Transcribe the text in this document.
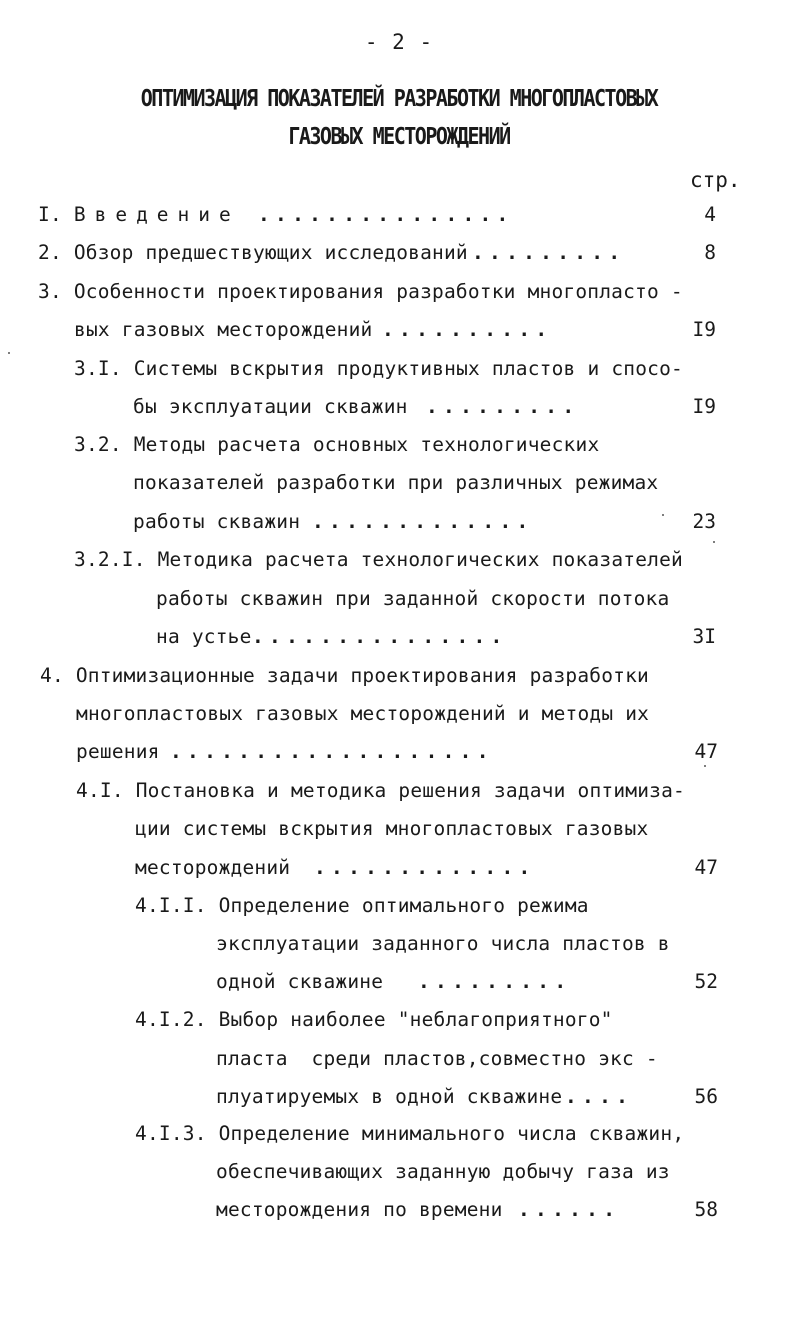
- 2 -
ОПТИМИЗАЦИЯ ПОКАЗАТЕЛЕЙ РАЗРАБОТКИ МНОГОПЛАСТОВЫХ
ГАЗОВЫХ МЕСТОРОЖДЕНИЙ
стр.
I. Введение ...............	4
2. Обзор предшествующих исследований .........	8
3. Особенности проектирования разработки многопласто -
вых газовых месторождений ..........	I9
3.I. Системы вскрытия продуктивных пластов и спосо-
бы эксплуатации скважин .........	I9
3.2. Методы расчета основных технологических
показателей разработки при различных режимах
работы скважин .............	23
3.2.I. Методика расчета технологических показателей
работы скважин при заданной скорости потока
на устье ...............	3I
4. Оптимизационные задачи проектирования разработки
многопластовых газовых месторождений и методы их
решения ...................	47
4.I. Постановка и методика решения задачи оптимиза-
ции системы вскрытия многопластовых газовых
месторождений .............	47
4.I.I. Определение оптимального режима
эксплуатации заданного числа пластов в
одной скважине .........	52
4.I.2. Выбор наиболее "неблагоприятного"
пласта  среди пластов,совместно экс -
плуатируемых в одной скважине ....	56
4.I.3. Определение минимального числа скважин,
обеспечивающих заданную добычу газа из
месторождения по времени ......	58
